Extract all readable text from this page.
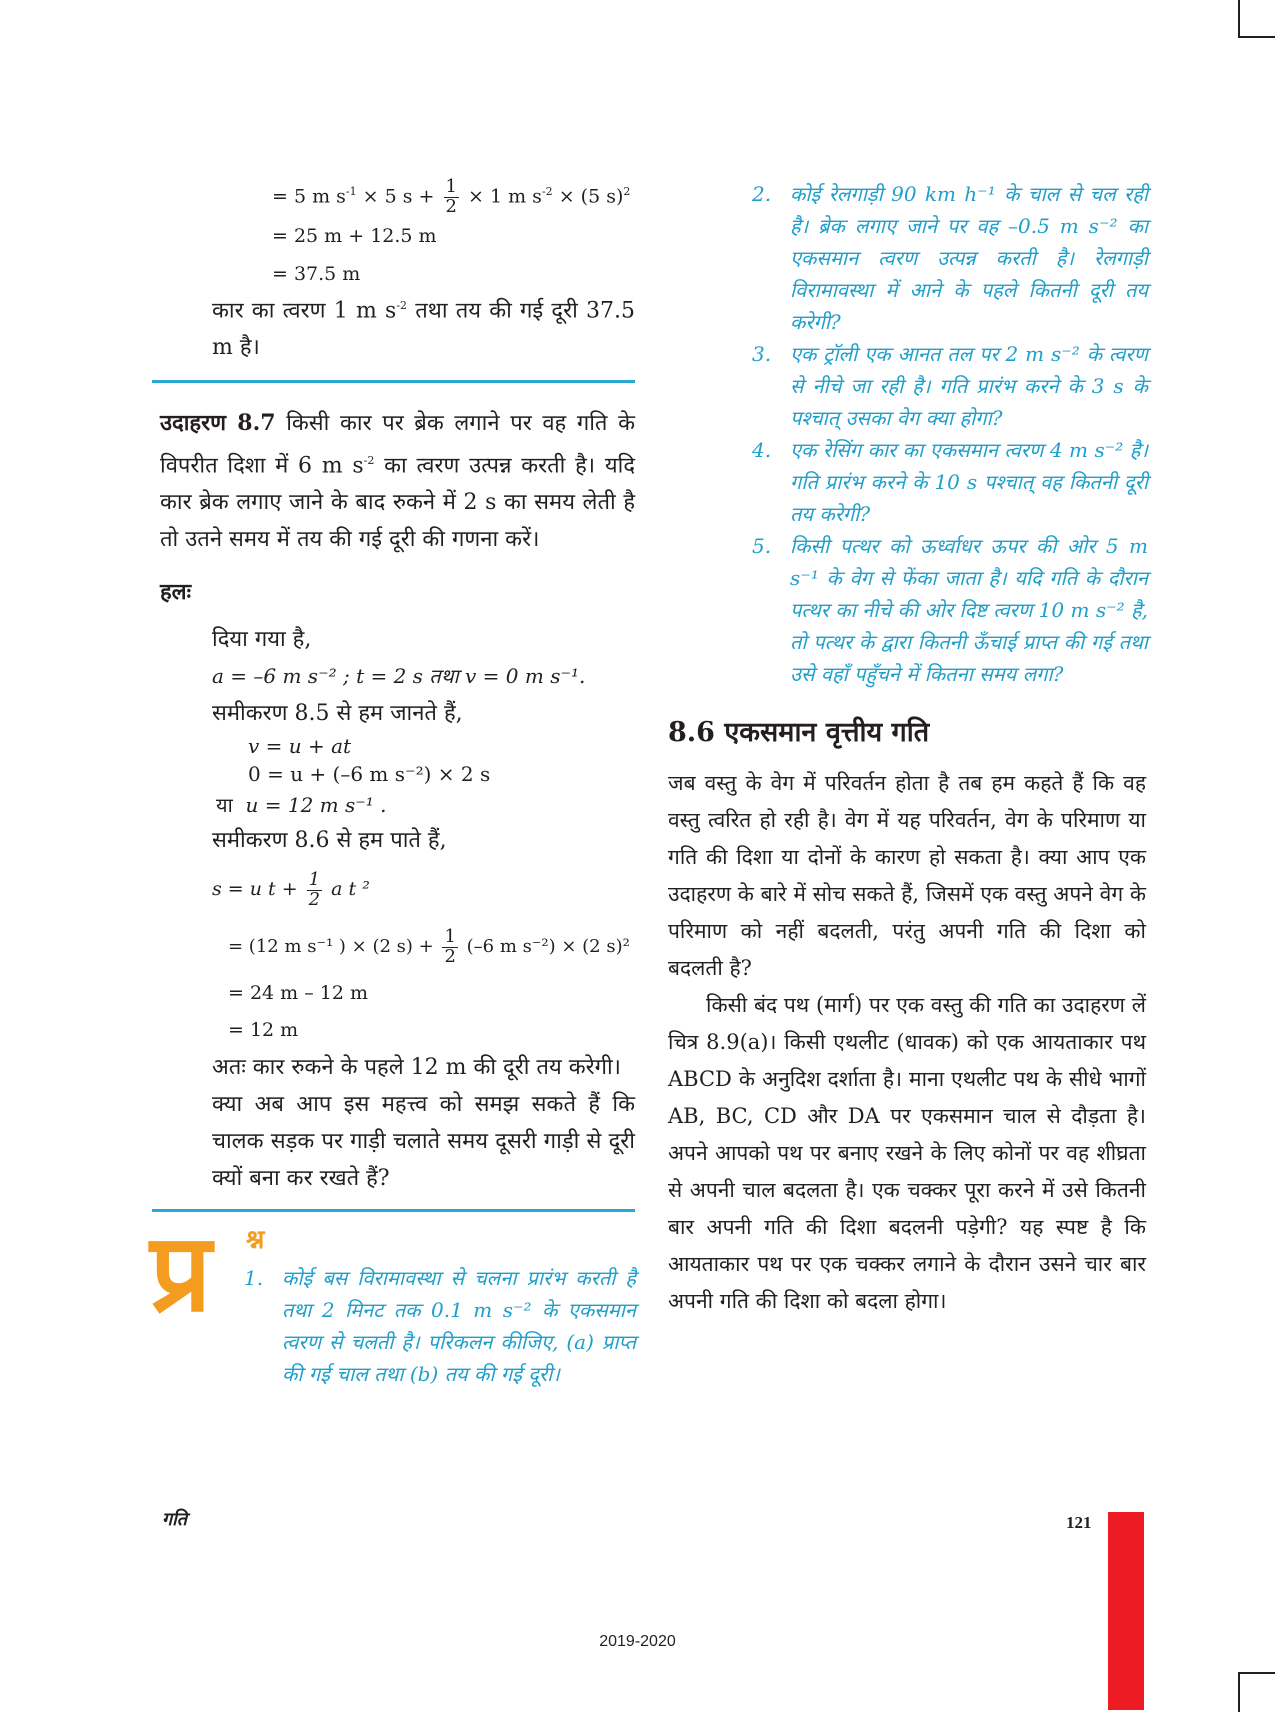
= 5 m $s^{-1} \times 5$ $s + \frac{1}{2} \times 1$ m $s^{-2} \times (5$ s)$^2$
= 25 m + 12.5 m
= 37.5 m
कार का त्वरण 1 m $s^{-2}$ तथा तय की गई दूरी 37.5 m है।
उदाहरण 8.7 किसी कार पर ब्रेक लगाने पर वह गति के विपरीत दिशा में 6 m $s^{-2}$ का त्वरण उत्पन्न करती है। यदि कार ब्रेक लगाए जाने के बाद रुकने में 2 s का समय लेती है तो उतने समय में तय की गई दूरी की गणना करें।
हलः
दिया गया है,
a = –6 m s⁻² ; t = 2 s तथा v = 0 m s⁻¹.
समीकरण 8.5 से हम जानते हैं,
v = u + at
0 = u + (–6 m s⁻²) × 2 s
या u = 12 m s⁻¹ .
समीकरण 8.6 से हम पाते हैं,
s = u $t + \frac{1}{2}$ a t ²
= (12 m s⁻¹ ) × (2 $s) + \frac{1}{2} (-6$ m s⁻²) × (2 s)²
= 24 m – 12 m
= 12 m
अतः कार रुकने के पहले 12 m की दूरी तय करेगी।
क्या अब आप इस महत्त्व को समझ सकते हैं कि चालक सड़क पर गाड़ी चलाते समय दूसरी गाड़ी से दूरी क्यों बना कर रखते हैं?
प्र श्न
1. कोई बस विरामावस्था से चलना प्रारंभ करती है तथा 2 मिनट तक 0.1 m s⁻² के एकसमान त्वरण से चलती है। परिकलन कीजिए, (a) प्राप्त की गई चाल तथा (b) तय की गई दूरी।
2. कोई रेलगाड़ी 90 km h⁻¹ के चाल से चल रही है। ब्रेक लगाए जाने पर वह –0.5 m s⁻² का एकसमान त्वरण उत्पन्न करती है। रेलगाड़ी विरामावस्था में आने के पहले कितनी दूरी तय करेगी?
3. एक ट्रॉली एक आनत तल पर 2 m s⁻² के त्वरण से नीचे जा रही है। गति प्रारंभ करने के 3 s के पश्चात् उसका वेग क्या होगा?
4. एक रेसिंग कार का एकसमान त्वरण 4 m s⁻² है। गति प्रारंभ करने के 10 s पश्चात् वह कितनी दूरी तय करेगी?
5. किसी पत्थर को ऊर्ध्वाधर ऊपर की ओर 5 m s⁻¹ के वेग से फेंका जाता है। यदि गति के दौरान पत्थर का नीचे की ओर दिष्ट त्वरण 10 m s⁻² है, तो पत्थर के द्वारा कितनी ऊँचाई प्राप्त की गई तथा उसे वहाँ पहुँचने में कितना समय लगा?
8.6 एकसमान वृत्तीय गति
जब वस्तु के वेग में परिवर्तन होता है तब हम कहते हैं कि वह वस्तु त्वरित हो रही है। वेग में यह परिवर्तन, वेग के परिमाण या गति की दिशा या दोनों के कारण हो सकता है। क्या आप एक उदाहरण के बारे में सोच सकते हैं, जिसमें एक वस्तु अपने वेग के परिमाण को नहीं बदलती, परंतु अपनी गति की दिशा को बदलती है?
किसी बंद पथ (मार्ग) पर एक वस्तु की गति का उदाहरण लें चित्र 8.9(a)। किसी एथलीट (धावक) को एक आयताकार पथ ABCD के अनुदिश दर्शाता है। माना एथलीट पथ के सीधे भागों AB, BC, CD और DA पर एकसमान चाल से दौड़ता है। अपने आपको पथ पर बनाए रखने के लिए कोनों पर वह शीघ्रता से अपनी चाल बदलता है। एक चक्कर पूरा करने में उसे कितनी बार अपनी गति की दिशा बदलनी पड़ेगी? यह स्पष्ट है कि आयताकार पथ पर एक चक्कर लगाने के दौरान उसने चार बार अपनी गति की दिशा को बदला होगा।
गति	121
2019-2020
